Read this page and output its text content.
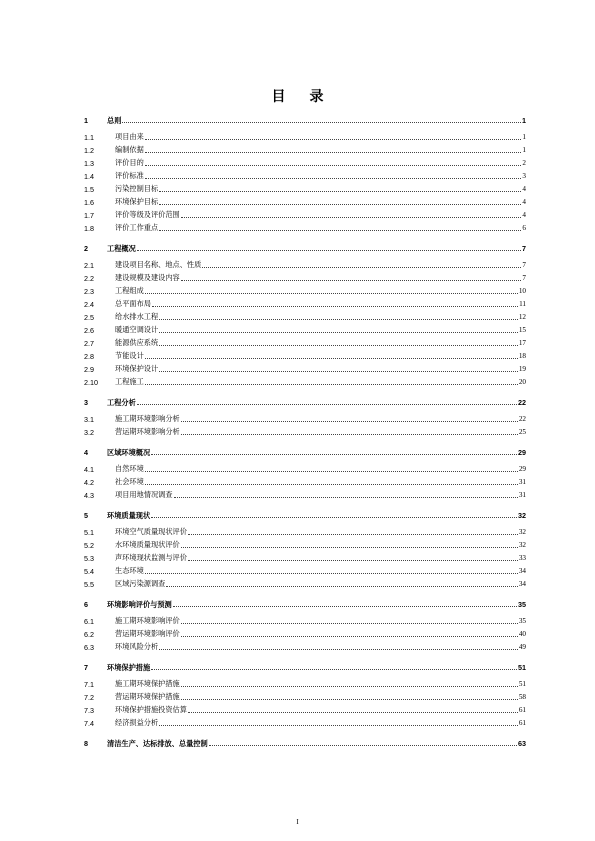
目 录
1	总则	1
1.1	项目由来	1
1.2	编制依据	1
1.3	评价目的	2
1.4	评价标准	3
1.5	污染控制目标	4
1.6	环境保护目标	4
1.7	评价等级及评价范围	4
1.8	评价工作重点	6
2	工程概况	7
2.1	建设项目名称、地点、性质	7
2.2	建设规模及建设内容	7
2.3	工程组成	10
2.4	总平面布局	11
2.5	给水排水工程	12
2.6	暖通空调设计	15
2.7	能源供应系统	17
2.8	节能设计	18
2.9	环境保护设计	19
2.10	工程施工	20
3	工程分析	22
3.1	施工期环境影响分析	22
3.2	营运期环境影响分析	25
4	区域环境概况	29
4.1	自然环境	29
4.2	社会环境	31
4.3	项目用地情况调查	31
5	环境质量现状	32
5.1	环境空气质量现状评价	32
5.2	水环境质量现状评价	32
5.3	声环境现状监测与评价	33
5.4	生态环境	34
5.5	区域污染源调查	34
6	环境影响评价与预测	35
6.1	施工期环境影响评价	35
6.2	营运期环境影响评价	40
6.3	环境风险分析	49
7	环境保护措施	51
7.1	施工期环境保护措施	51
7.2	营运期环境保护措施	58
7.3	环境保护措施投资估算	61
7.4	经济损益分析	61
8	清洁生产、达标排放、总量控制	63
I
